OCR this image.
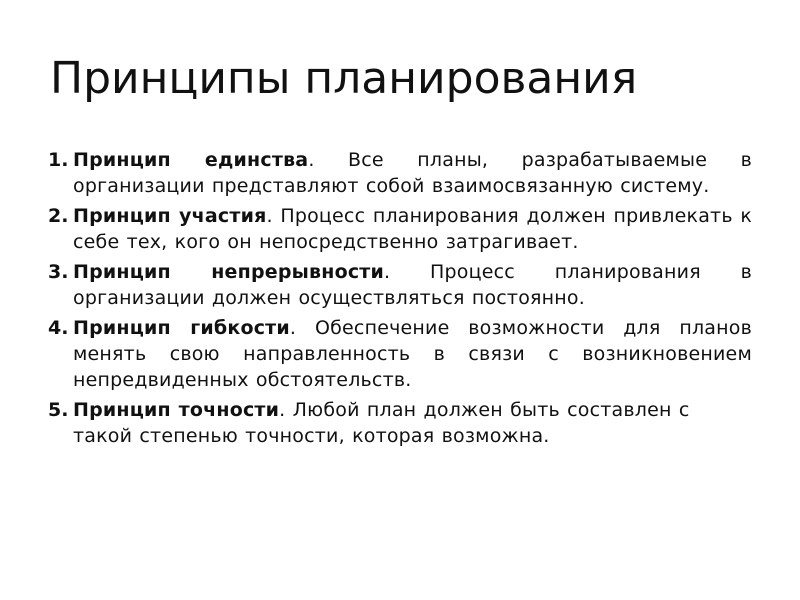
Принципы планирования
1. Принцип единства. Все планы, разрабатываемые в организации представляют собой взаимосвязанную систему.
2. Принцип участия. Процесс планирования должен привлекать к себе тех, кого он непосредственно затрагивает.
3. Принцип непрерывности. Процесс планирования в организации должен осуществляться постоянно.
4. Принцип гибкости. Обеспечение возможности для планов менять свою направленность в связи с возникновением непредвиденных обстоятельств.
5. Принцип точности. Любой план должен быть составлен с такой степенью точности, которая возможна.
